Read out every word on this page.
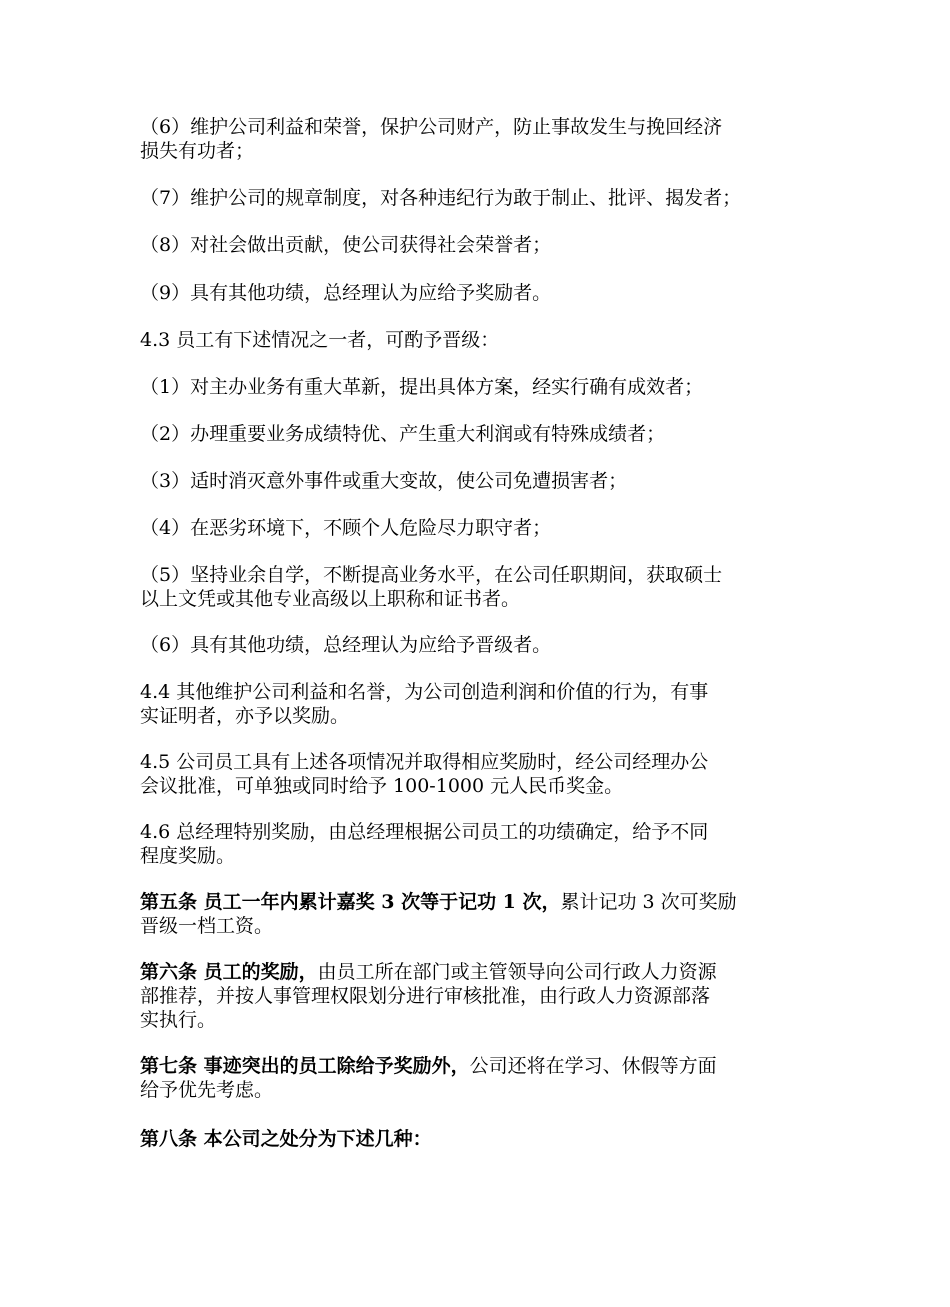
（6）维护公司利益和荣誉，保护公司财产，防止事故发生与挽回经济
损失有功者；

（7）维护公司的规章制度，对各种违纪行为敢于制止、批评、揭发者；

（8）对社会做出贡献，使公司获得社会荣誉者；

（9）具有其他功绩，总经理认为应给予奖励者。

4.3 员工有下述情况之一者，可酌予晋级：

（1）对主办业务有重大革新，提出具体方案，经实行确有成效者；

（2）办理重要业务成绩特优、产生重大利润或有特殊成绩者；

（3）适时消灭意外事件或重大变故，使公司免遭损害者；

（4）在恶劣环境下，不顾个人危险尽力职守者；

（5）坚持业余自学，不断提高业务水平，在公司任职期间，获取硕士
以上文凭或其他专业高级以上职称和证书者。

（6）具有其他功绩，总经理认为应给予晋级者。

4.4 其他维护公司利益和名誉，为公司创造利润和价值的行为，有事
实证明者，亦予以奖励。

4.5 公司员工具有上述各项情况并取得相应奖励时，经公司经理办公
会议批准，可单独或同时给予 100-1000 元人民币奖金。

4.6 总经理特别奖励，由总经理根据公司员工的功绩确定，给予不同
程度奖励。

第五条 员工一年内累计嘉奖 3 次等于记功 1 次，累计记功 3 次可奖励
晋级一档工资。

第六条 员工的奖励，由员工所在部门或主管领导向公司行政人力资源
部推荐，并按人事管理权限划分进行审核批准，由行政人力资源部落
实执行。

第七条 事迹突出的员工除给予奖励外，公司还将在学习、休假等方面
给予优先考虑。

第八条 本公司之处分为下述几种：
